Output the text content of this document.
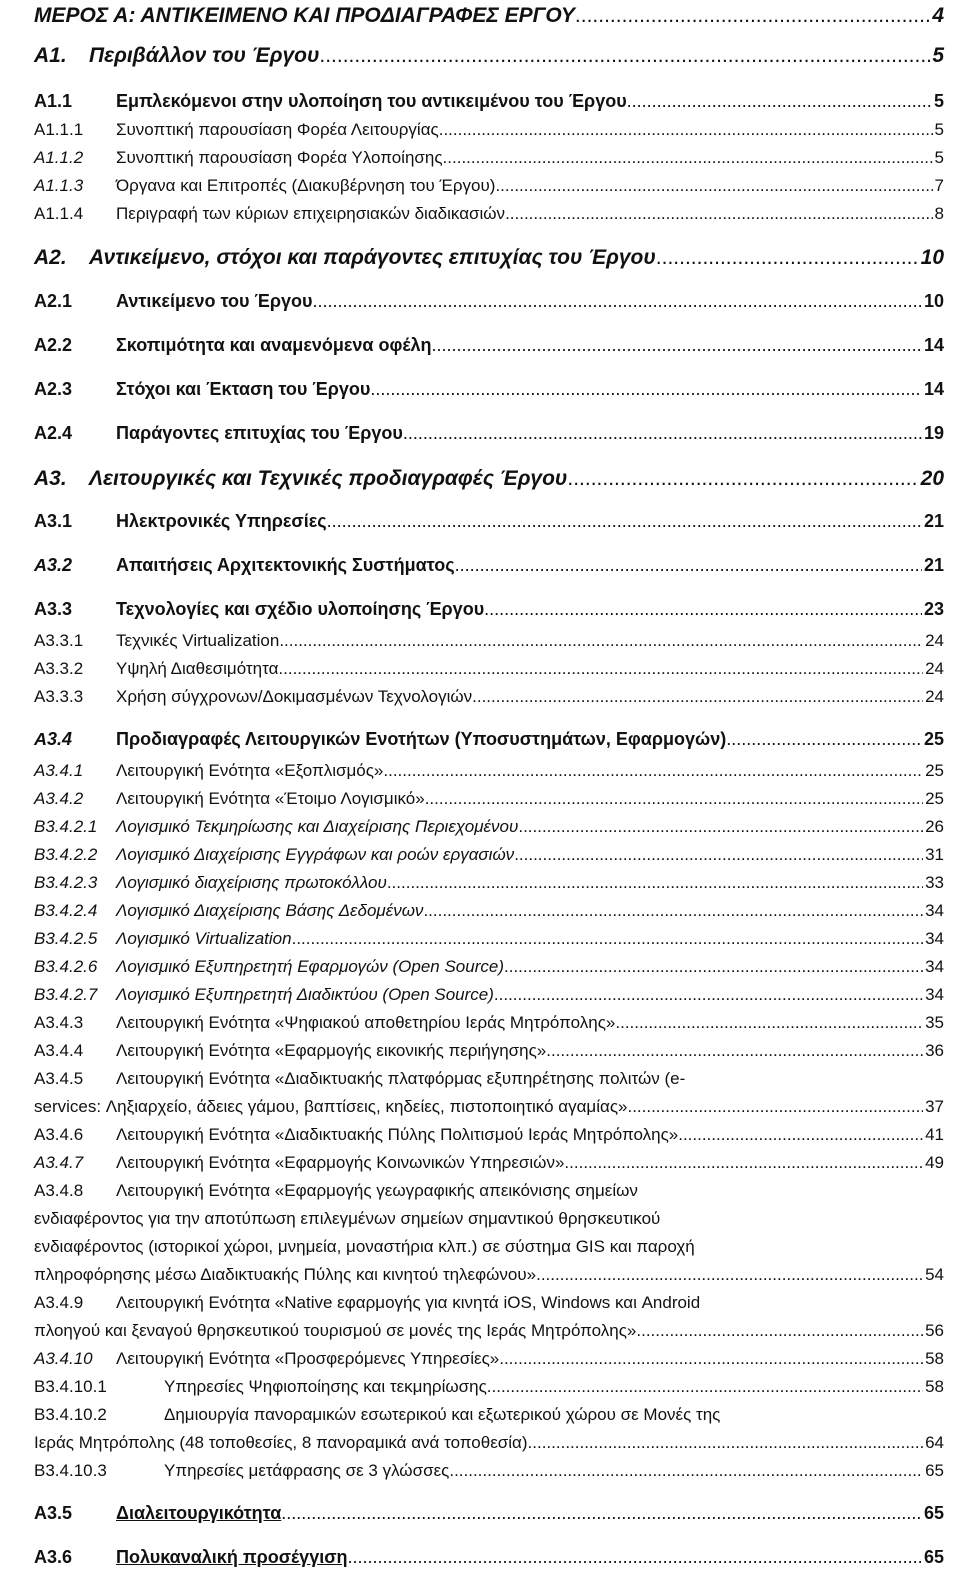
ΜΕΡΟΣ Α: ΑΝΤΙΚΕΙΜΕΝΟ ΚΑΙ ΠΡΟΔΙΑΓΡΑΦΕΣ ΕΡΓΟΥ .....	4
Α1.	Περιβάλλον του Έργου .....	5
Α1.1	Εμπλεκόμενοι στην υλοποίηση του αντικειμένου του Έργου .....	5
Α1.1.1	Συνοπτική παρουσίαση Φορέα Λειτουργίας .....	5
Α1.1.2	Συνοπτική παρουσίαση Φορέα Υλοποίησης .....	5
Α1.1.3	Όργανα και Επιτροπές (Διακυβέρνηση του Έργου) .....	7
Α1.1.4	Περιγραφή των κύριων επιχειρησιακών διαδικασιών .....	8
Α2.	Αντικείμενο, στόχοι και παράγοντες επιτυχίας του Έργου .....	10
Α2.1	Αντικείμενο του Έργου .....	10
Α2.2	Σκοπιμότητα και αναμενόμενα οφέλη .....	14
Α2.3	Στόχοι και Έκταση του Έργου .....	14
Α2.4	Παράγοντες επιτυχίας του Έργου .....	19
Α3.	Λειτουργικές και Τεχνικές προδιαγραφές Έργου .....	20
Α3.1	Ηλεκτρονικές Υπηρεσίες .....	21
Α3.2	Απαιτήσεις Αρχιτεκτονικής Συστήματος .....	21
Α3.3	Τεχνολογίες και σχέδιο υλοποίησης Έργου .....	23
Α3.3.1	Τεχνικές Virtualization .....	24
Α3.3.2	Υψηλή Διαθεσιμότητα .....	24
Α3.3.3	Χρήση σύγχρονων/Δοκιμασμένων Τεχνολογιών .....	24
Α3.4	Προδιαγραφές Λειτουργικών Ενοτήτων (Υποσυστημάτων, Εφαρμογών) .....	25
Α3.4.1	Λειτουργική Ενότητα «Εξοπλισμός» .....	25
Α3.4.2	Λειτουργική Ενότητα «Έτοιμο Λογισμικό» .....	25
Β3.4.2.1	Λογισμικό Τεκμηρίωσης και Διαχείρισης Περιεχομένου .....	26
Β3.4.2.2	Λογισμικό Διαχείρισης Εγγράφων και ροών εργασιών .....	31
Β3.4.2.3	Λογισμικό διαχείρισης πρωτοκόλλου .....	33
Β3.4.2.4	Λογισμικό Διαχείρισης Βάσης Δεδομένων .....	34
Β3.4.2.5	Λογισμικό Virtualization .....	34
Β3.4.2.6	Λογισμικό Εξυπηρετητή Εφαρμογών (Open Source) .....	34
Β3.4.2.7	Λογισμικό Εξυπηρετητή Διαδικτύου (Open Source) .....	34
Α3.4.3	Λειτουργική Ενότητα «Ψηφιακού αποθετηρίου Ιεράς Μητρόπολης» .....	35
Α3.4.4	Λειτουργική Ενότητα «Εφαρμογής εικονικής περιήγησης» .....	36
Α3.4.5	Λειτουργική Ενότητα «Διαδικτυακής πλατφόρμας εξυπηρέτησης πολιτών (e-
services: Ληξιαρχείο, άδειες γάμου, βαπτίσεις, κηδείες, πιστοποιητικό αγαμίας» .....	37
Α3.4.6	Λειτουργική Ενότητα «Διαδικτυακής Πύλης Πολιτισμού Ιεράς Μητρόπολης» .....	41
Α3.4.7	Λειτουργική Ενότητα «Εφαρμογής Κοινωνικών Υπηρεσιών» .....	49
Α3.4.8	Λειτουργική Ενότητα «Εφαρμογής γεωγραφικής απεικόνισης σημείων
ενδιαφέροντος για την αποτύπωση επιλεγμένων σημείων σημαντικού θρησκευτικού
ενδιαφέροντος (ιστορικοί χώροι, μνημεία, μοναστήρια κλπ.) σε σύστημα GIS και παροχή
πληροφόρησης μέσω Διαδικτυακής Πύλης και κινητού τηλεφώνου» .....	54
Α3.4.9	Λειτουργική Ενότητα «Native εφαρμογής για κινητά iOS, Windows και Android
πλοηγού και ξεναγού θρησκευτικού τουρισμού σε μονές της Ιεράς Μητρόπολης» .....	56
Α3.4.10	Λειτουργική Ενότητα «Προσφερόμενες Υπηρεσίες» .....	58
Β3.4.10.1	Υπηρεσίες Ψηφιοποίησης και τεκμηρίωσης .....	58
Β3.4.10.2	Δημιουργία πανοραμικών εσωτερικού και εξωτερικού χώρου σε Μονές της
Ιεράς Μητρόπολης (48 τοποθεσίες, 8 πανοραμικά ανά τοποθεσία) .....	64
Β3.4.10.3	Υπηρεσίες μετάφρασης σε 3 γλώσσες .....	65
Α3.5	Διαλειτουργικότητα .....	65
Α3.6	Πολυκαναλική προσέγγιση .....	65
